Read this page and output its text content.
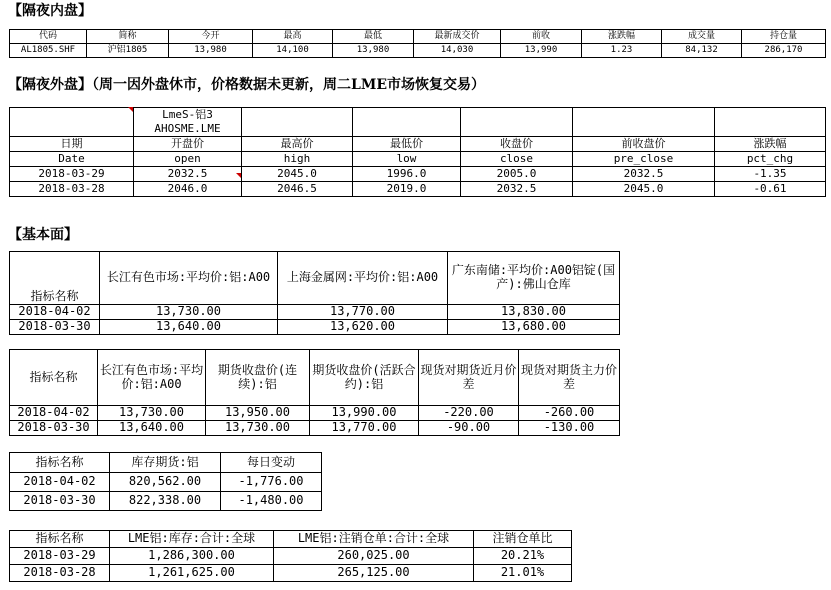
【隔夜内盘】
代码	简称	今开	最高	最低	最新成交价	前收	涨跌幅	成交量	持仓量
AL1805.SHF	沪铝1805	13,980	14,100	13,980	14,030	13,990	1.23	84,132	286,170
【隔夜外盘】（周一因外盘休市，价格数据未更新，周二LME市场恢复交易）
	LmeS-铝3					
	AHOSME.LME					
日期	开盘价	最高价	最低价	收盘价	前收盘价	涨跌幅
Date	open	high	low	close	pre_close	pct_chg
2018-03-29	2032.5	2045.0	1996.0	2005.0	2032.5	-1.35
2018-03-28	2046.0	2046.5	2019.0	2032.5	2045.0	-0.61
【基本面】
指标名称	长江有色市场:平均价:铝:A00	上海金属网:平均价:铝:A00	广东南储:平均价:A00铝锭(国产):佛山仓库
2018-04-02	13,730.00	13,770.00	13,830.00
2018-03-30	13,640.00	13,620.00	13,680.00
指标名称	长江有色市场:平均价:铝:A00	期货收盘价(连续):铝	期货收盘价(活跃合约):铝	现货对期货近月价差	现货对期货主力价差
2018-04-02	13,730.00	13,950.00	13,990.00	-220.00	-260.00
2018-03-30	13,640.00	13,730.00	13,770.00	-90.00	-130.00
指标名称	库存期货:铝	每日变动
2018-04-02	820,562.00	-1,776.00
2018-03-30	822,338.00	-1,480.00
指标名称	LME铝:库存:合计:全球	LME铝:注销仓单:合计:全球	注销仓单比
2018-03-29	1,286,300.00	260,025.00	20.21%
2018-03-28	1,261,625.00	265,125.00	21.01%
